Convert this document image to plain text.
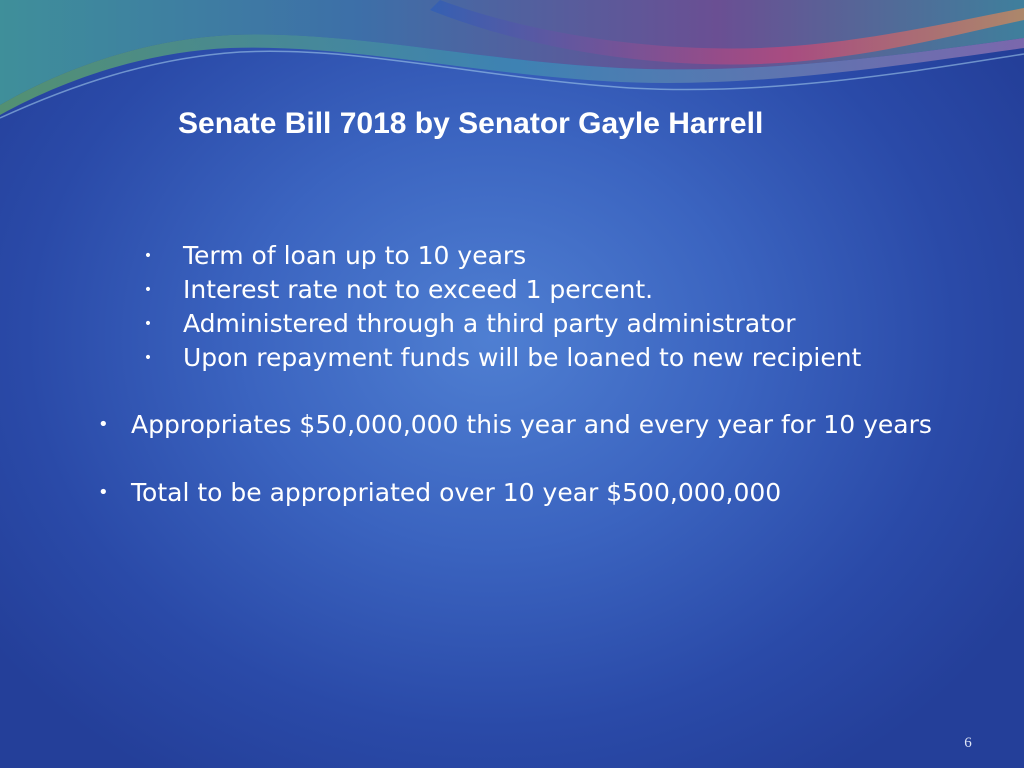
Senate Bill 7018 by Senator Gayle Harrell
• Term of loan up to 10 years
• Interest rate not to exceed 1 percent.
• Administered through a third party administrator
• Upon repayment funds will be loaned to new recipient

• Appropriates $50,000,000 this year and every year for 10 years

• Total to be appropriated over 10 year $500,000,000

6
